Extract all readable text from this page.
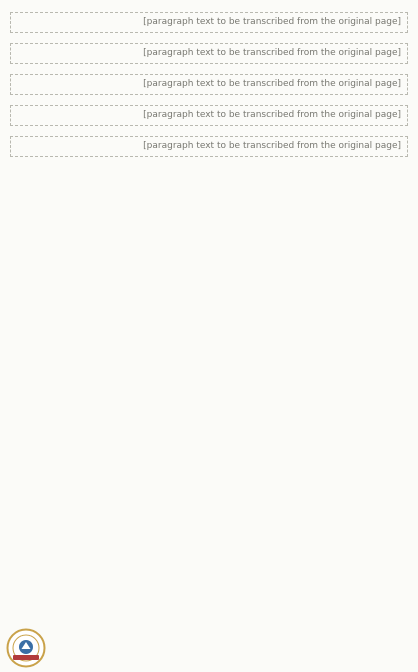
[paragraph text to be transcribed from the original page]

[paragraph text to be transcribed from the original page]

[paragraph text to be transcribed from the original page]

[paragraph text to be transcribed from the original page]

[paragraph text to be transcribed from the original page]
